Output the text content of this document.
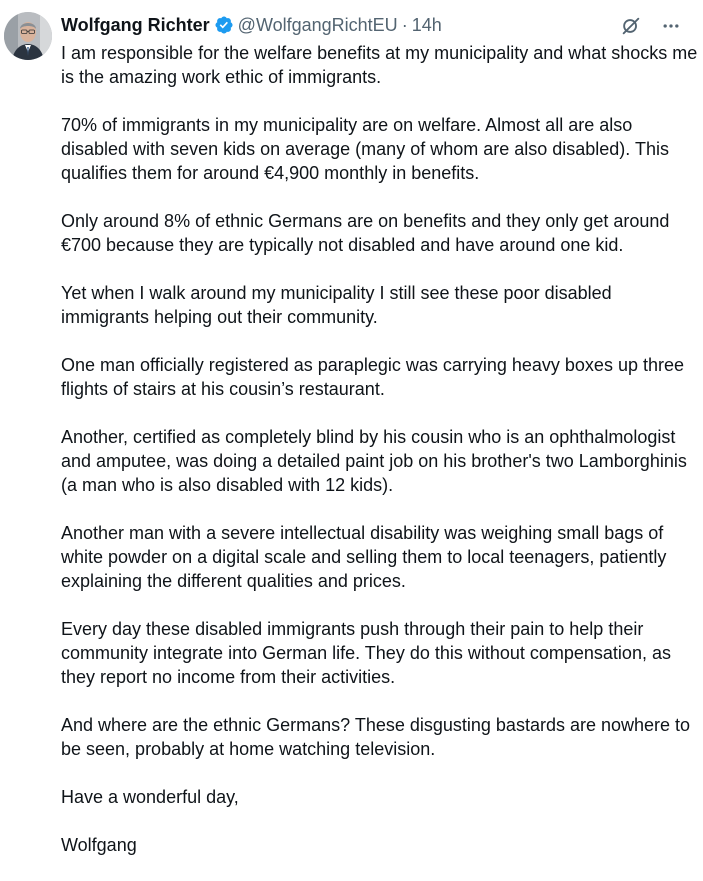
Wolfgang Richter @WolfgangRichtEU · 14h

I am responsible for the welfare benefits at my municipality and what shocks me is the amazing work ethic of immigrants.

70% of immigrants in my municipality are on welfare. Almost all are also disabled with seven kids on average (many of whom are also disabled). This qualifies them for around €4,900 monthly in benefits.

Only around 8% of ethnic Germans are on benefits and they only get around €700 because they are typically not disabled and have around one kid.

Yet when I walk around my municipality I still see these poor disabled immigrants helping out their community.

One man officially registered as paraplegic was carrying heavy boxes up three flights of stairs at his cousin’s restaurant.

Another, certified as completely blind by his cousin who is an ophthalmologist and amputee, was doing a detailed paint job on his brother's two Lamborghinis (a man who is also disabled with 12 kids).

Another man with a severe intellectual disability was weighing small bags of white powder on a digital scale and selling them to local teenagers, patiently explaining the different qualities and prices.

Every day these disabled immigrants push through their pain to help their community integrate into German life. They do this without compensation, as they report no income from their activities.

And where are the ethnic Germans? These disgusting bastards are nowhere to be seen, probably at home watching television.

Have a wonderful day,

Wolfgang
